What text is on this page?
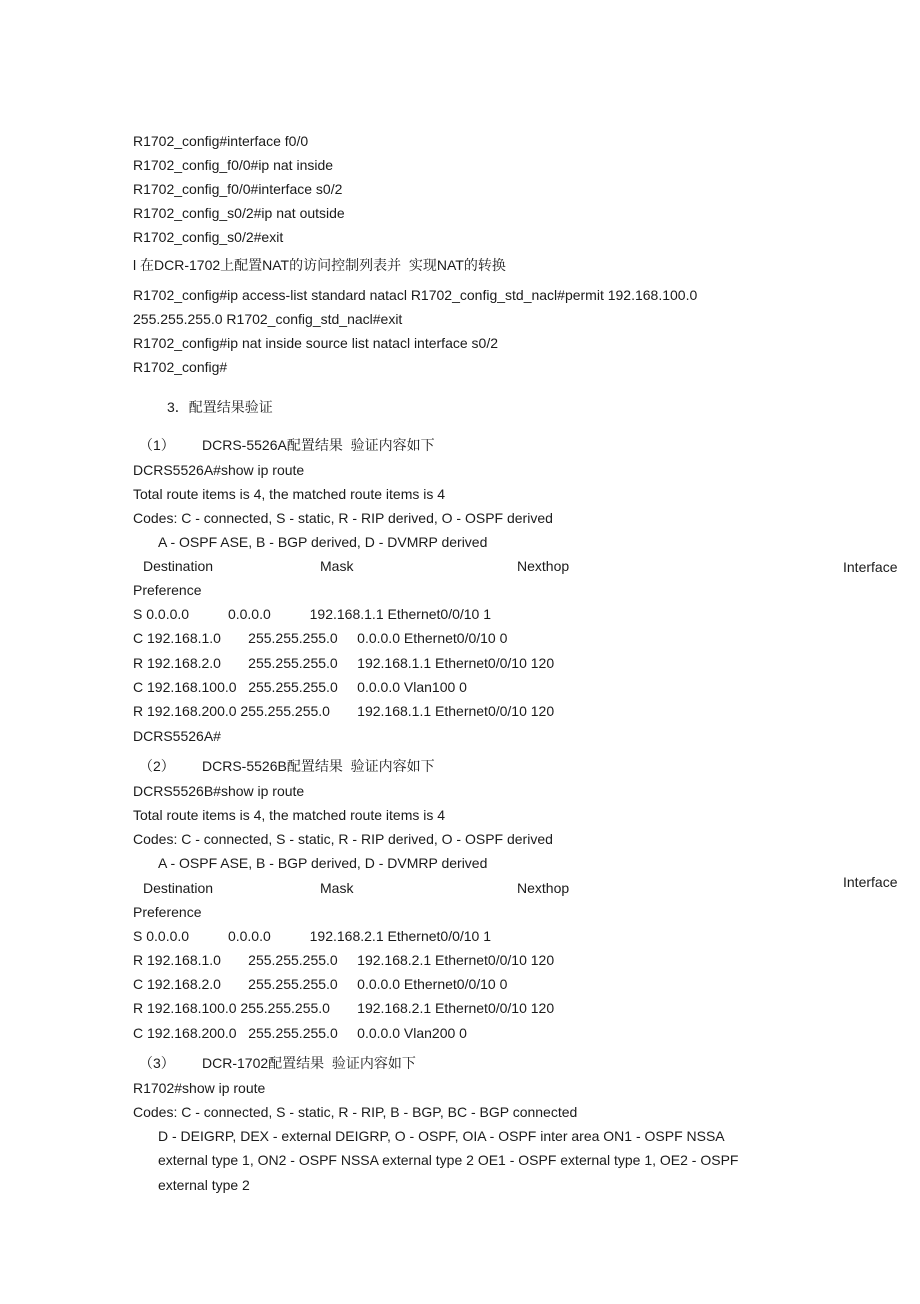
R1702_config#interface f0/0
R1702_config_f0/0#ip nat inside
R1702_config_f0/0#interface s0/2
R1702_config_s0/2#ip nat outside
R1702_config_s0/2#exit
l 在DCR-1702上配置NAT的访问控制列表并  实现NAT的转换
R1702_config#ip access-list standard natacl R1702_config_std_nacl#permit 192.168.100.0
255.255.255.0 R1702_config_std_nacl#exit
R1702_config#ip nat inside source list natacl interface s0/2
R1702_config#
3．配置结果验证
（1） DCRS-5526A配置结果  验证内容如下
DCRS5526A#show ip route
Total route items is 4, the matched route items is 4
Codes: C - connected, S - static, R - RIP derived, O - OSPF derived
A - OSPF ASE, B - BGP derived, D - DVMRP derived
Destination	Mask	Nexthop	Interface
Preference
S 0.0.0.0          0.0.0.0          192.168.1.1 Ethernet0/0/10 1
C 192.168.1.0       255.255.255.0     0.0.0.0 Ethernet0/0/10 0
R 192.168.2.0       255.255.255.0     192.168.1.1 Ethernet0/0/10 120
C 192.168.100.0   255.255.255.0     0.0.0.0 Vlan100 0
R 192.168.200.0 255.255.255.0       192.168.1.1 Ethernet0/0/10 120
DCRS5526A#
（2） DCRS-5526B配置结果  验证内容如下
DCRS5526B#show ip route
Total route items is 4, the matched route items is 4
Codes: C - connected, S - static, R - RIP derived, O - OSPF derived
A - OSPF ASE, B - BGP derived, D - DVMRP derived
Destination	Mask	Nexthop	Interface
Preference
S 0.0.0.0          0.0.0.0          192.168.2.1 Ethernet0/0/10 1
R 192.168.1.0       255.255.255.0     192.168.2.1 Ethernet0/0/10 120
C 192.168.2.0       255.255.255.0     0.0.0.0 Ethernet0/0/10 0
R 192.168.100.0 255.255.255.0       192.168.2.1 Ethernet0/0/10 120
C 192.168.200.0   255.255.255.0     0.0.0.0 Vlan200 0
（3） DCR-1702配置结果  验证内容如下
R1702#show ip route
Codes: C - connected, S - static, R - RIP, B - BGP, BC - BGP connected
D - DEIGRP, DEX - external DEIGRP, O - OSPF, OIA - OSPF inter area ON1 - OSPF NSSA
external type 1, ON2 - OSPF NSSA external type 2 OE1 - OSPF external type 1, OE2 - OSPF
external type 2
